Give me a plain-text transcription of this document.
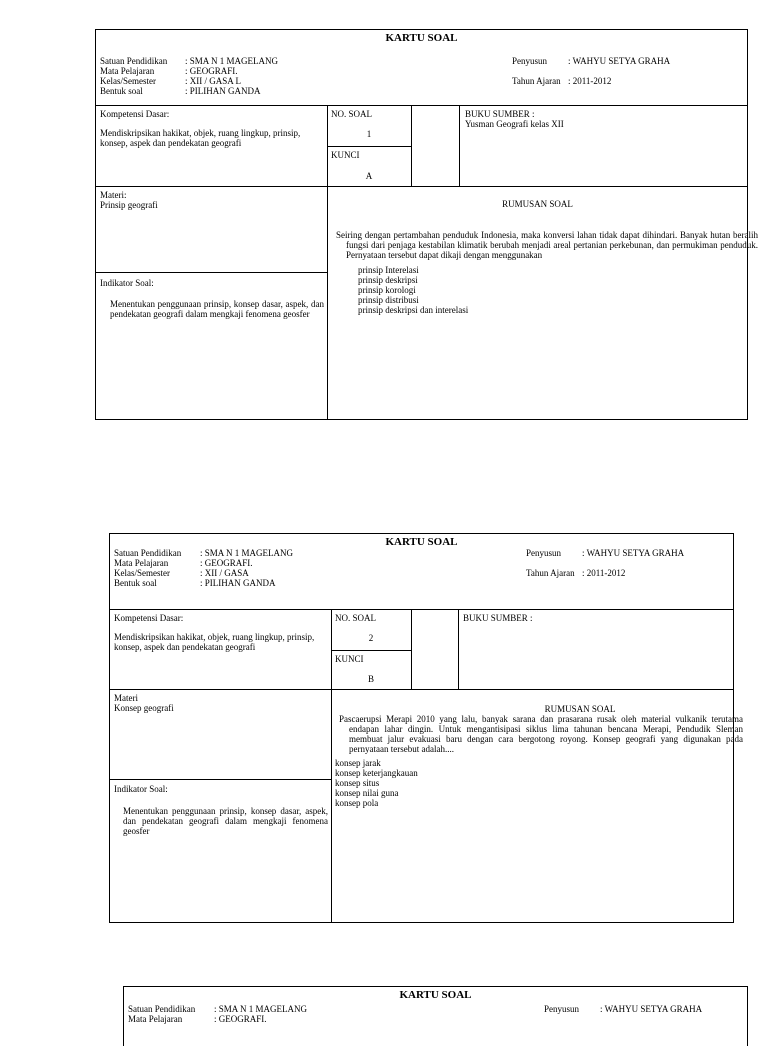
KARTU SOAL
Satuan Pendidikan : SMA N 1 MAGELANG
Mata Pelajaran	: GEOGRAFI.
Kelas/Semester	: XII / GASA L
Bentuk soal	: PILIHAN GANDA
Penyusun : WAHYU SETYA GRAHA
Tahun Ajaran : 2011-2012
Kompetensi Dasar:
Mendiskripsikan hakikat, objek, ruang lingkup, prinsip, konsep, aspek dan pendekatan geografi
NO. SOAL
1
KUNCI
A
BUKU SUMBER :
Yusman Geografi kelas XII
Materi:
Prinsip geografi
Indikator Soal:
Menentukan penggunaan prinsip, konsep dasar, aspek, dan pendekatan geografi dalam mengkaji fenomena geosfer
RUMUSAN SOAL
Seiring dengan pertambahan penduduk Indonesia, maka konversi lahan tidak dapat dihindari. Banyak hutan beralih fungsi dari penjaga kestabilan klimatik berubah menjadi areal pertanian perkebunan, dan permukiman penduduk. Pernyataan tersebut dapat dikaji dengan menggunakan
prinsip Interelasi
prinsip deskripsi
prinsip korologi
prinsip distribusi
prinsip deskripsi dan interelasi
KARTU SOAL
Satuan Pendidikan : SMA N 1 MAGELANG
Mata Pelajaran	: GEOGRAFI.
Kelas/Semester	: XII / GASA
Bentuk soal	: PILIHAN GANDA
Penyusun : WAHYU SETYA GRAHA
Tahun Ajaran : 2011-2012
Kompetensi Dasar:
Mendiskripsikan hakikat, objek, ruang lingkup, prinsip, konsep, aspek dan pendekatan geografi
NO. SOAL
2
KUNCI
B
BUKU SUMBER :
Materi
Konsep geografi
Indikator Soal:
Menentukan penggunaan prinsip, konsep dasar, aspek, dan pendekatan geografi dalam mengkaji fenomena geosfer
RUMUSAN SOAL
Pascaerupsi Merapi 2010 yang lalu, banyak sarana dan prasarana rusak oleh material vulkanik terutama endapan lahar dingin. Untuk mengantisipasi siklus lima tahunan bencana Merapi, Pendudik Sleman membuat jalur evakuasi baru dengan cara bergotong royong. Konsep geografi yang digunakan pada pernyataan tersebut adalah....
konsep jarak
konsep keterjangkauan
konsep situs
konsep nilai guna
konsep pola
KARTU SOAL
Satuan Pendidikan : SMA N 1 MAGELANG
Mata Pelajaran	: GEOGRAFI.
Penyusun : WAHYU SETYA GRAHA
